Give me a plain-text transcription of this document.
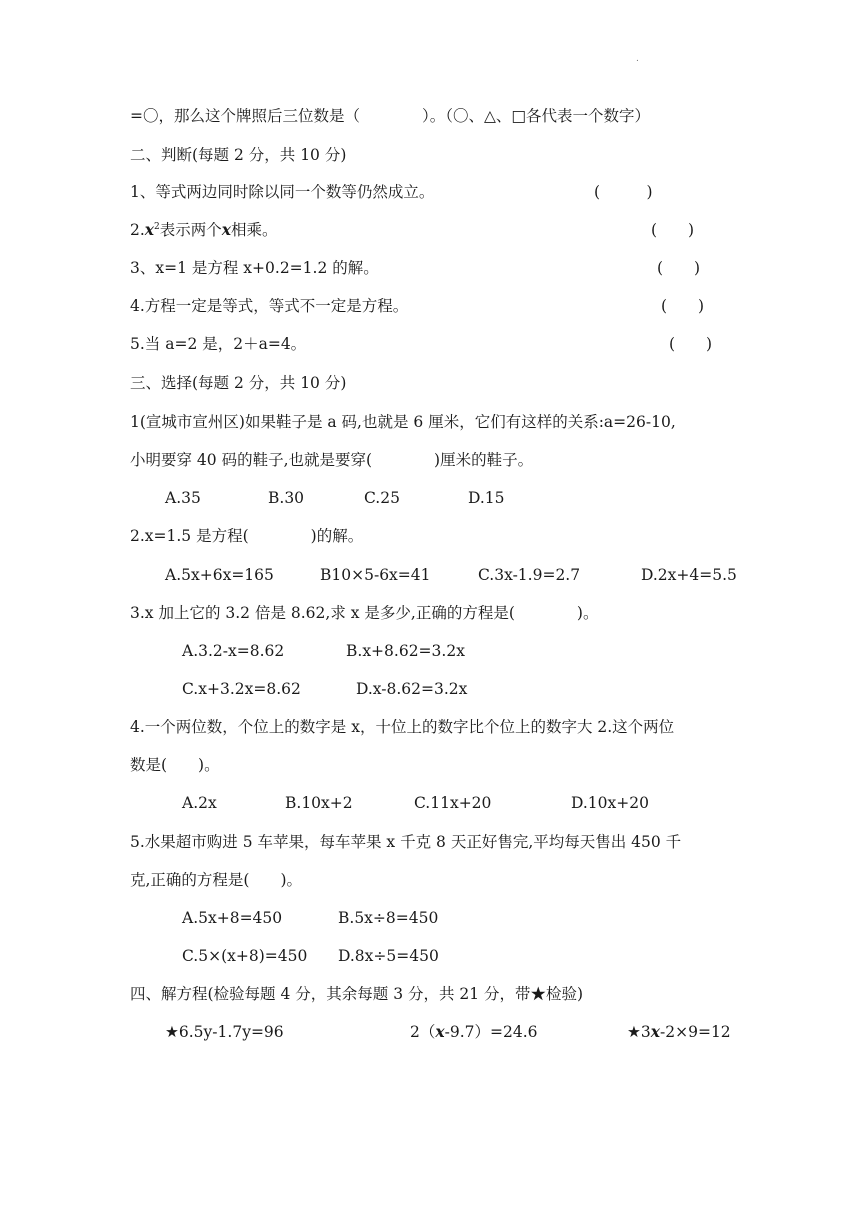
.
=〇，那么这个牌照后三位数是（　　　　）。（〇、△、□各代表一个数字）
二、判断(每题 2 分，共 10 分)
1、等式两边同时除以同一个数等仍然成立。	(　　　)
$2.x^2$表示两个x相乘。	(　　)
3、x=1 是方程 x+0.2=1.2 的解。	(　　)
4.方程一定是等式，等式不一定是方程。	(　　)
5.当 a=2 是，2＋a=4。	(　　)
三、选择(每题 2 分，共 10 分)
1(宣城市宣州区)如果鞋子是 a 码,也就是 6 厘米，它们有这样的关系:a=26-10,
小明要穿 40 码的鞋子,也就是要穿(　　　　)厘米的鞋子。
A.35	B.30	C.25	D.15
2.x=1.5 是方程(　　　　)的解。
A.5x+6x=165	B10×5-6x=41	C.3x-1.9=2.7	D.2x+4=5.5
3.x 加上它的 3.2 倍是 8.62,求 x 是多少,正确的方程是(　　　　)。
A.3.2-x=8.62	B.x+8.62=3.2x
C.x+3.2x=8.62	D.x-8.62=3.2x
4.一个两位数，个位上的数字是 x，十位上的数字比个位上的数字大 2.这个两位
数是(　　)。
A.2x	B.10x+2	C.11x+20	D.10x+20
5.水果超市购进 5 车苹果，每车苹果 x 千克 8 天正好售完,平均每天售出 450 千
克,正确的方程是(　　)。
A.5x+8=450	B.5x÷8=450
C.5×(x+8)=450 D.8x÷5=450
四、解方程(检验每题 4 分，其余每题 3 分，共 21 分，带★检验)
★6.5y-1.7y=96	2（x-9.7）=24.6	★3x-2×9=12
